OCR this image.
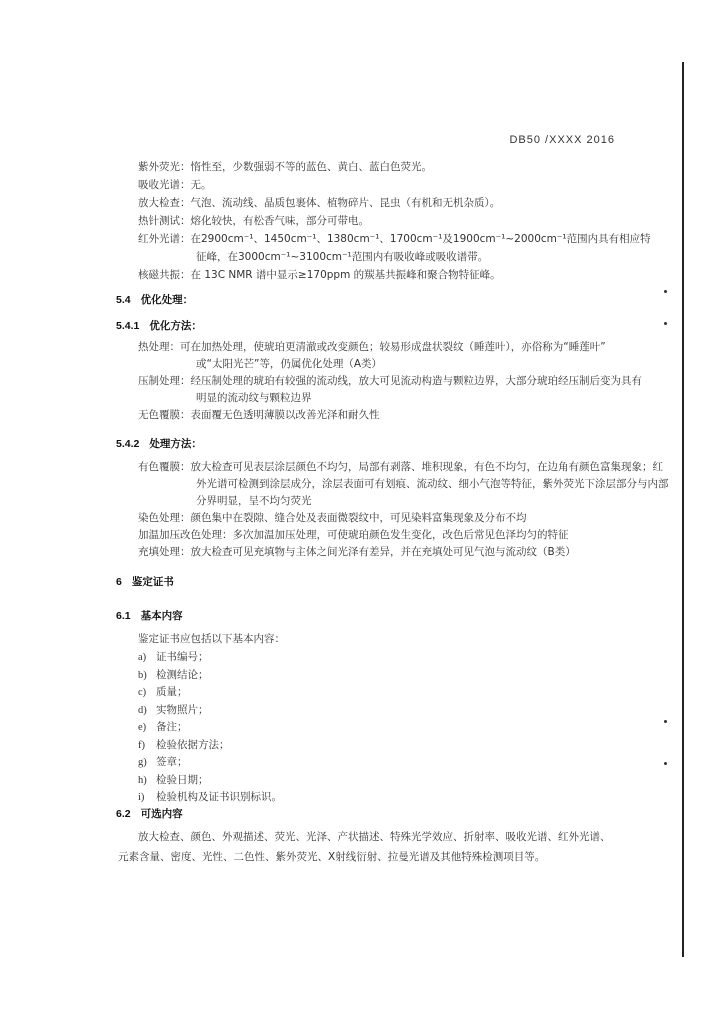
DB50 /XXXX 2016
紫外荧光：惰性至，少数强弱不等的蓝色、黄白、蓝白色荧光。
吸收光谱：无。
放大检查：气泡、流动线、晶质包裹体、植物碎片、昆虫（有机和无机杂质）。
热针测试：熔化较快，有松香气味，部分可带电。
红外光谱：在2900cm⁻¹、1450cm⁻¹、1380cm⁻¹、1700cm⁻¹及1900cm⁻¹~2000cm⁻¹范围内具有相应特
征峰，在3000cm⁻¹~3100cm⁻¹范围内有吸收峰或吸收谱带。
核磁共振：在 13C NMR 谱中显示≥170ppm 的羰基共振峰和聚合物特征峰。
5.4 优化处理：
5.4.1 优化方法：
热处理：可在加热处理，使琥珀更清澈或改变颜色；较易形成盘状裂纹（睡莲叶），亦俗称为“睡莲叶”
或“太阳光芒”等，仍属优化处理（A类）
压制处理：经压制处理的琥珀有较强的流动线，放大可见流动构造与颗粒边界，大部分琥珀经压制后变为具有
明显的流动纹与颗粒边界
无色覆膜：表面覆无色透明薄膜以改善光泽和耐久性
5.4.2 处理方法：
有色覆膜：放大检查可见表层涂层颜色不均匀，局部有剥落、堆积现象，有色不均匀，在边角有颜色富集现象；红
外光谱可检测到涂层成分，涂层表面可有划痕、流动纹、细小气泡等特征，紫外荧光下涂层部分与内部
分界明显，呈不均匀荧光
染色处理：颜色集中在裂隙、缝合处及表面微裂纹中，可见染料富集现象及分布不均
加温加压改色处理：多次加温加压处理，可使琥珀颜色发生变化，改色后常见色泽均匀的特征
充填处理：放大检查可见充填物与主体之间光泽有差异，并在充填处可见气泡与流动纹（B类）
6 鉴定证书
6.1 基本内容
鉴定证书应包括以下基本内容：
a) 证书编号；
b) 检测结论；
c) 质量；
d) 实物照片；
e) 备注；
f) 检验依据方法；
g) 签章；
h) 检验日期；
i) 检验机构及证书识别标识。
6.2 可选内容
放大检查、颜色、外观描述、荧光、光泽、产状描述、特殊光学效应、折射率、吸收光谱、红外光谱、
元素含量、密度、光性、二色性、紫外荧光、X射线衍射、拉曼光谱及其他特殊检测项目等。
